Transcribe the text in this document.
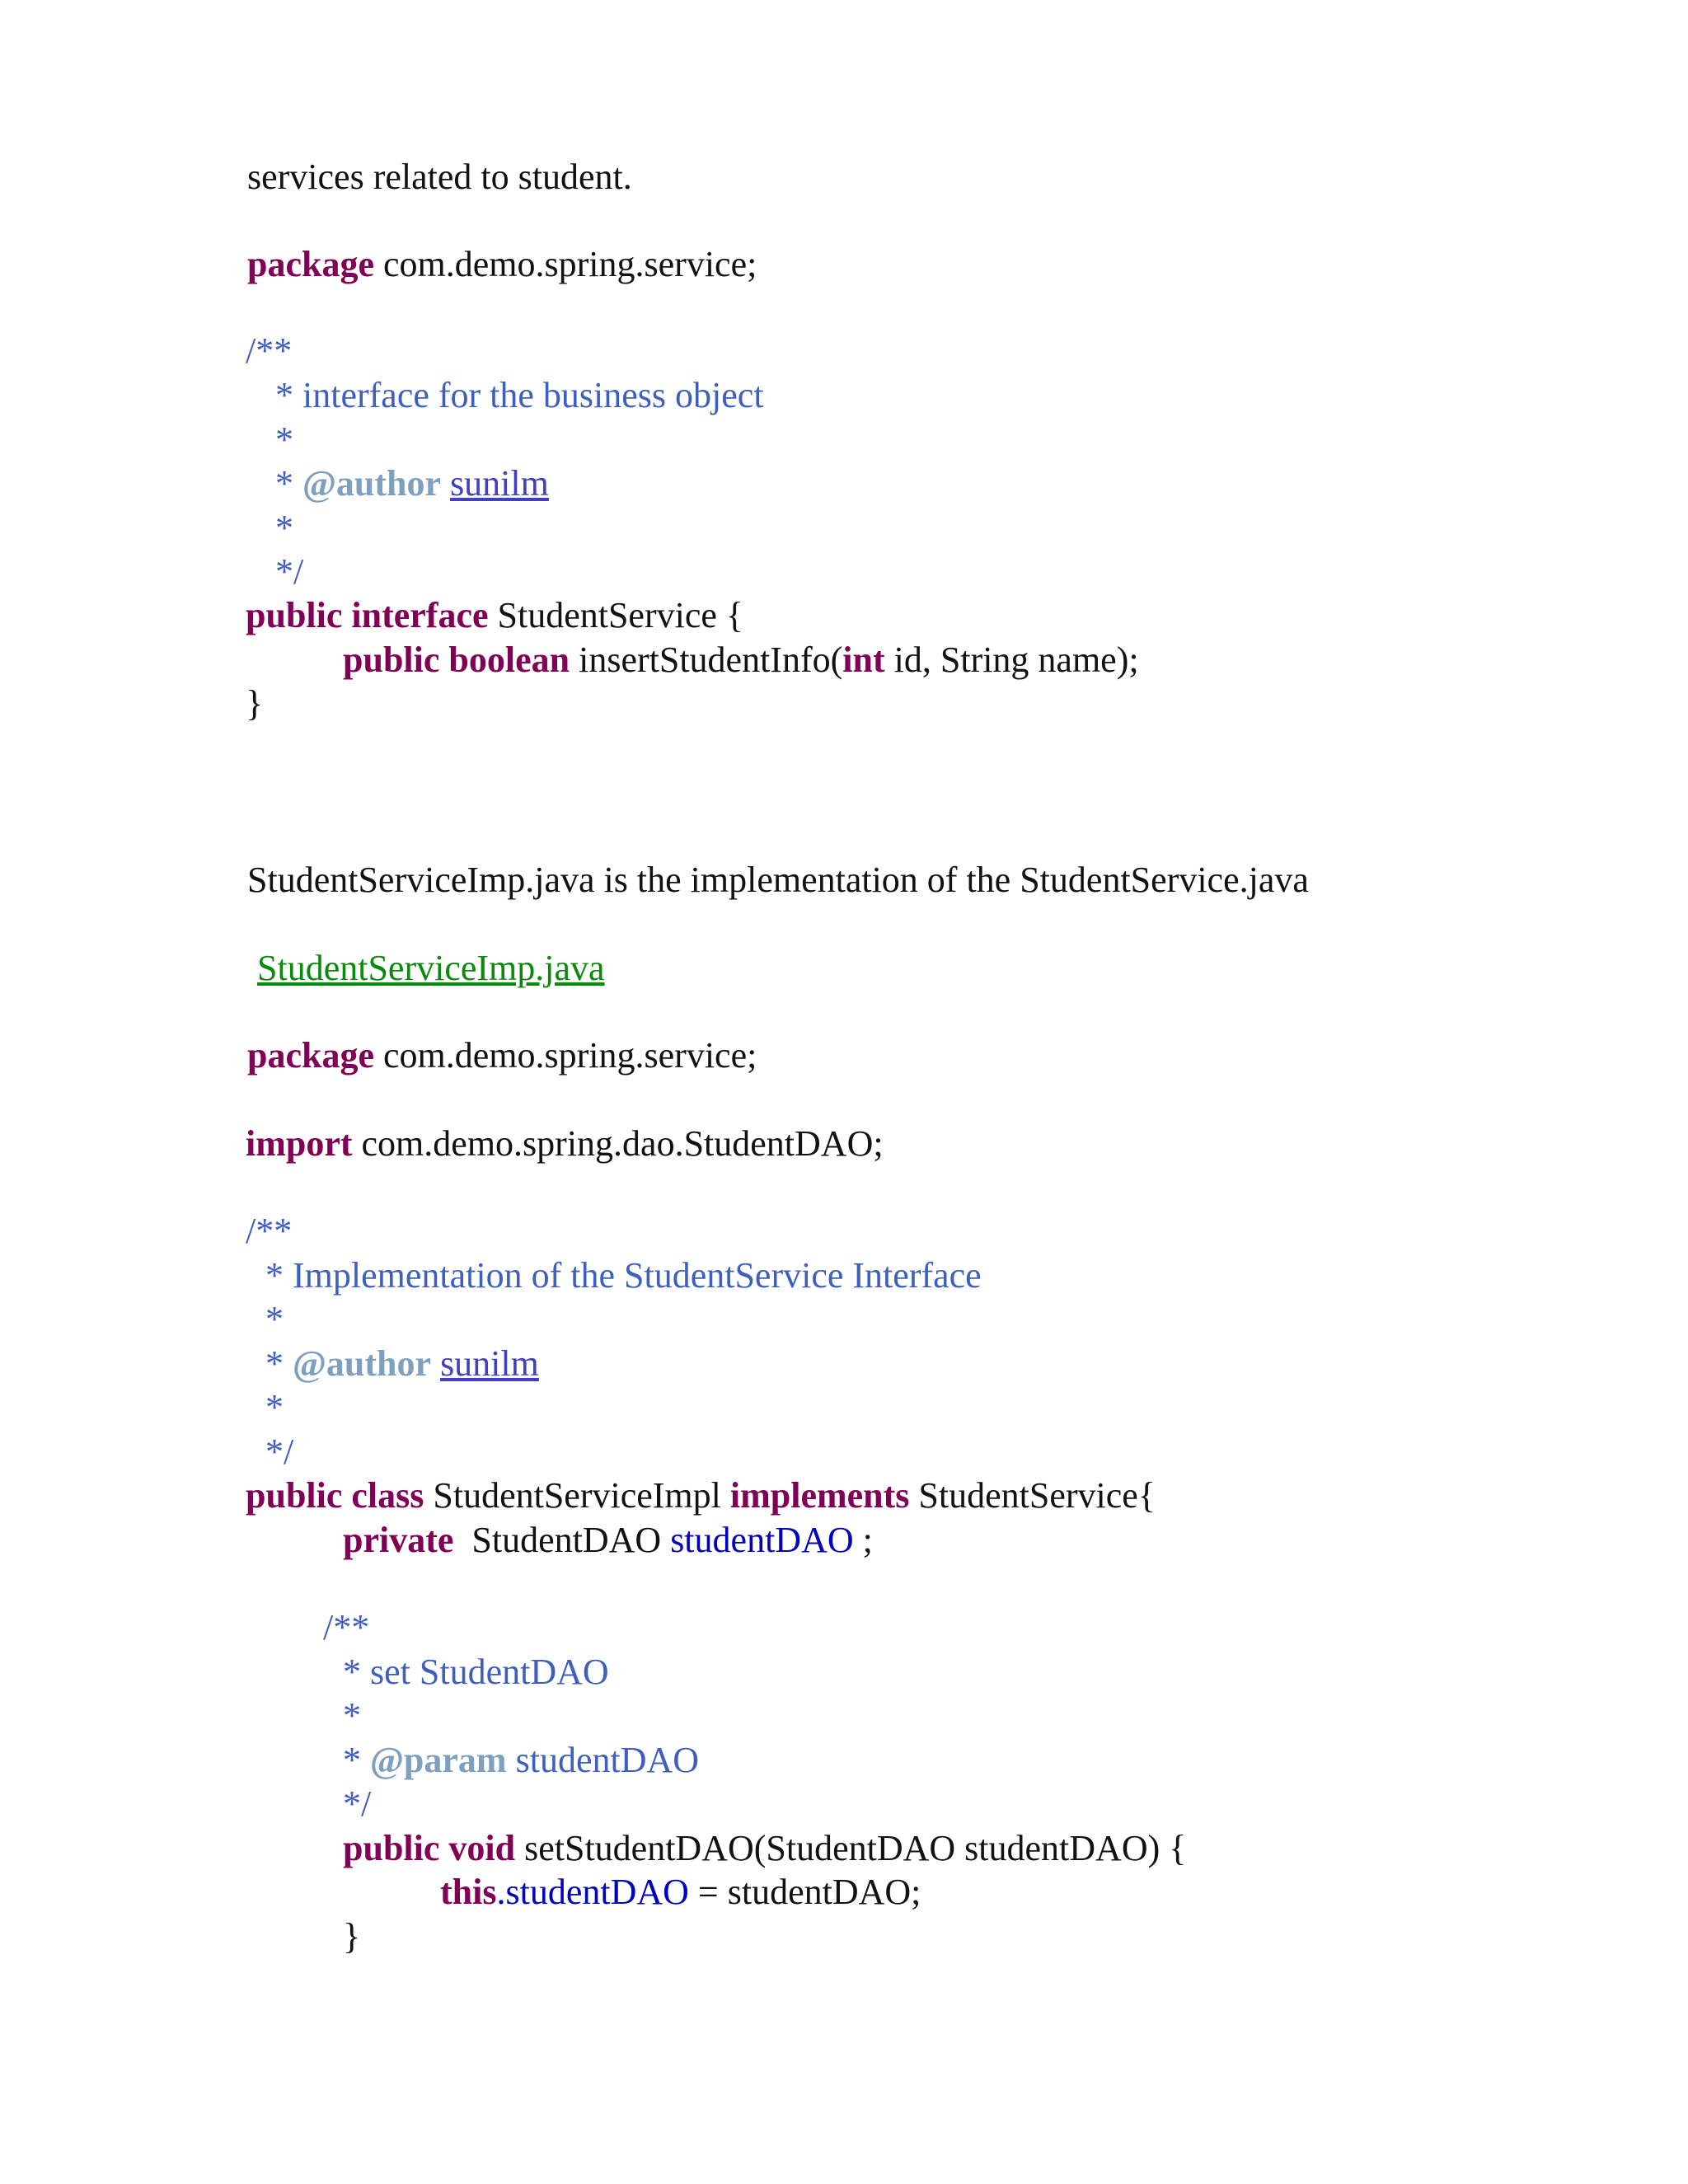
services related to student.
package com.demo.spring.service;
/**
* interface for the business object
*
* @author sunilm
*
*/
public interface StudentService {
public boolean insertStudentInfo(int id, String name);
}
StudentServiceImp.java is the implementation of the StudentService.java
StudentServiceImp.java
package com.demo.spring.service;
import com.demo.spring.dao.StudentDAO;
/**
* Implementation of the StudentService Interface
*
* @author sunilm
*
*/
public class StudentServiceImpl implements StudentService{
private StudentDAO studentDAO ;
/**
* set StudentDAO
*
* @param studentDAO
*/
public void setStudentDAO(StudentDAO studentDAO) {
this.studentDAO = studentDAO;
}
